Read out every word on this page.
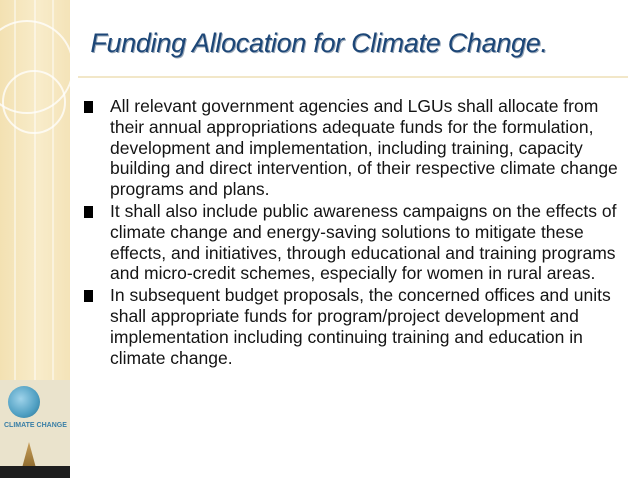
CLIMATE CHANGE
Funding Allocation for Climate Change.
All relevant government agencies and LGUs shall allocate from their annual appropriations adequate funds for the formulation, development and implementation, including training, capacity building and direct intervention, of their respective climate change programs and plans.
It shall also include public awareness campaigns on the effects of climate change and energy-saving solutions to mitigate these effects, and initiatives, through educational and training programs and micro-credit schemes, especially for women in rural areas.
In subsequent budget proposals, the concerned offices and units shall appropriate funds for program/project development and implementation including continuing training and education in climate change.
